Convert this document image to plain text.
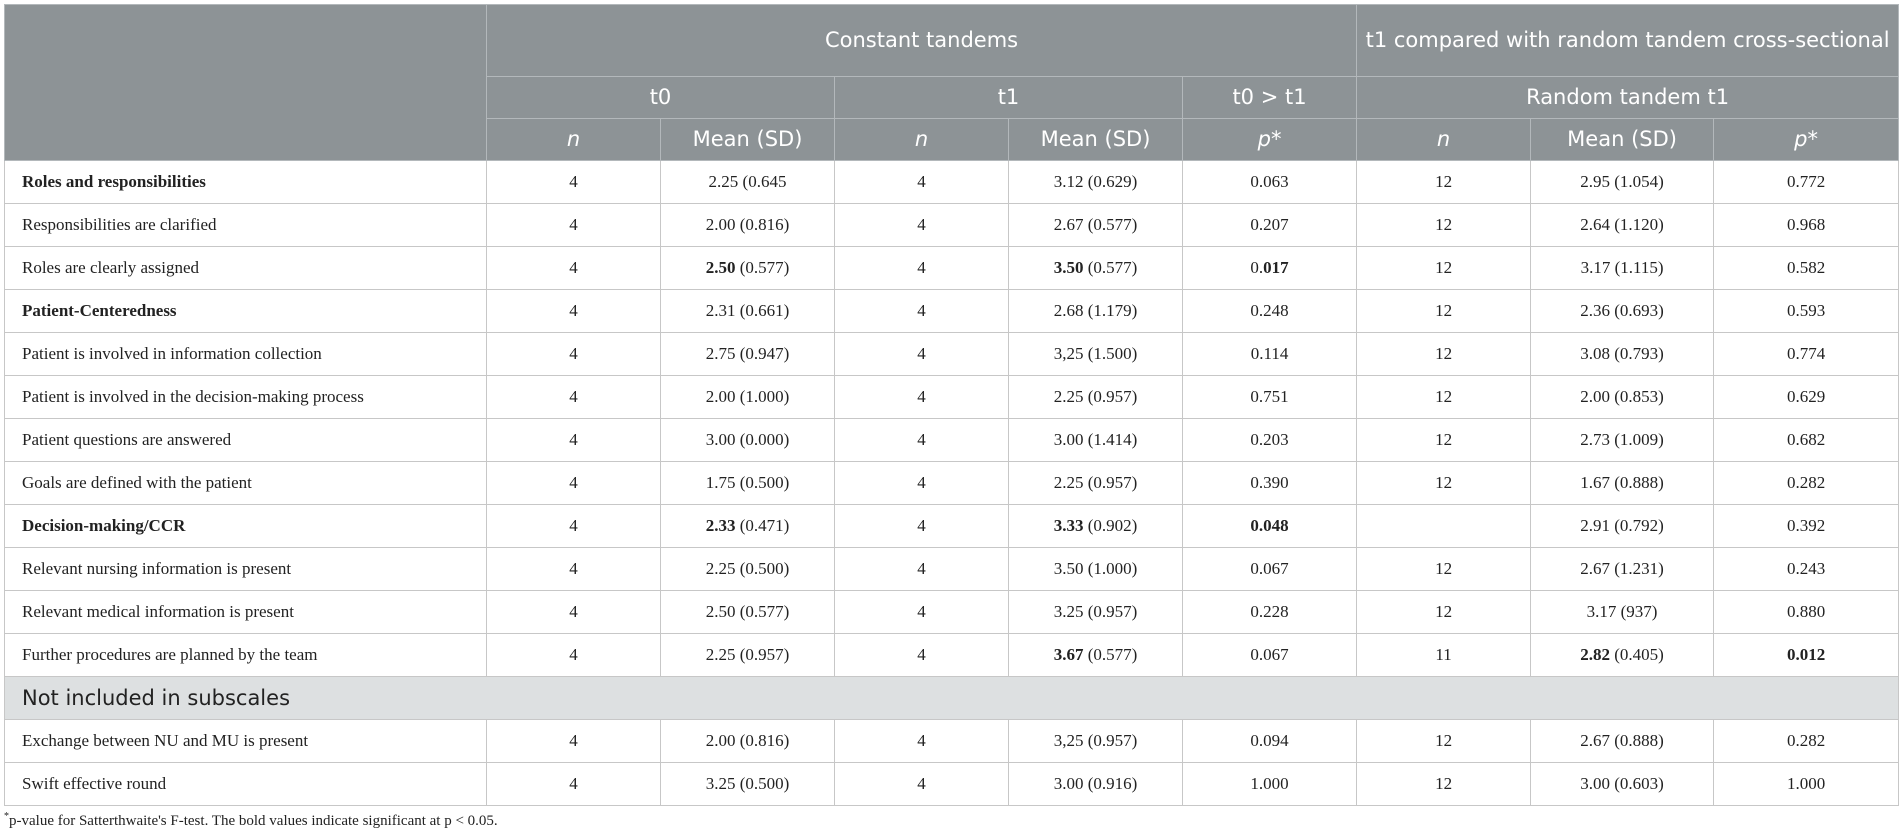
	Constant tandems					t1 compared with random tandem cross-sectional		
	t0		t1		t0 > t1	Random tandem t1		
	n	Mean (SD)	n	Mean (SD)	p*	n	Mean (SD)	p*
Roles and responsibilities	4	2.25 (0.645	4	3.12 (0.629)	0.063	12	2.95 (1.054)	0.772
Responsibilities are clarified	4	2.00 (0.816)	4	2.67 (0.577)	0.207	12	2.64 (1.120)	0.968
Roles are clearly assigned	4	2.50 (0.577)	4	3.50 (0.577)	0.017	12	3.17 (1.115)	0.582
Patient-Centeredness	4	2.31 (0.661)	4	2.68 (1.179)	0.248	12	2.36 (0.693)	0.593
Patient is involved in information collection	4	2.75 (0.947)	4	3,25 (1.500)	0.114	12	3.08 (0.793)	0.774
Patient is involved in the decision-making process	4	2.00 (1.000)	4	2.25 (0.957)	0.751	12	2.00 (0.853)	0.629
Patient questions are answered	4	3.00 (0.000)	4	3.00 (1.414)	0.203	12	2.73 (1.009)	0.682
Goals are defined with the patient	4	1.75 (0.500)	4	2.25 (0.957)	0.390	12	1.67 (0.888)	0.282
Decision-making/CCR	4	2.33 (0.471)	4	3.33 (0.902)	0.048		2.91 (0.792)	0.392
Relevant nursing information is present	4	2.25 (0.500)	4	3.50 (1.000)	0.067	12	2.67 (1.231)	0.243
Relevant medical information is present	4	2.50 (0.577)	4	3.25 (0.957)	0.228	12	3.17 (937)	0.880
Further procedures are planned by the team	4	2.25 (0.957)	4	3.67 (0.577)	0.067	11	2.82 (0.405)	0.012
Not included in subscales								
Exchange between NU and MU is present	4	2.00 (0.816)	4	3,25 (0.957)	0.094	12	2.67 (0.888)	0.282
Swift effective round	4	3.25 (0.500)	4	3.00 (0.916)	1.000	12	3.00 (0.603)	1.000
*p-value for Satterthwaite's F-test. The bold values indicate significant at p < 0.05.
